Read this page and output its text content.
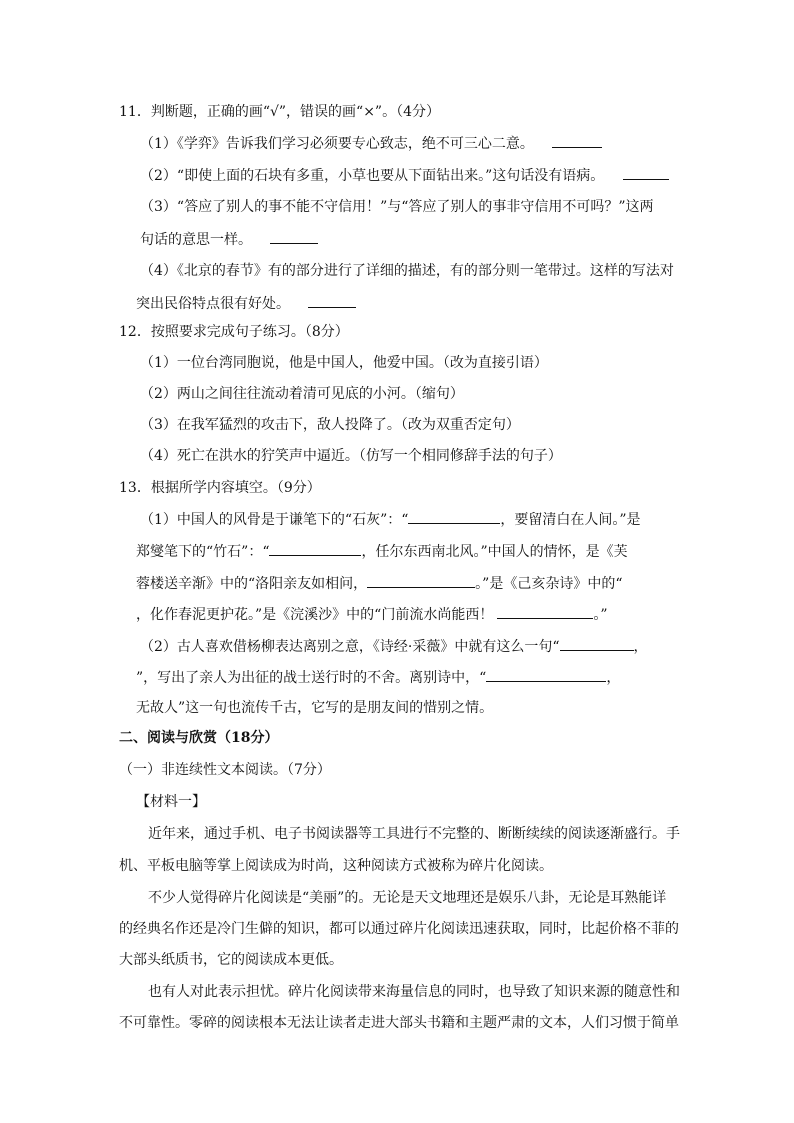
11．判断题，正确的画“√”，错误的画“×”。（4分）
（1）《学弈》告诉我们学习必须要专心致志，绝不可三心二意。
（2）“即使上面的石块有多重，小草也要从下面钻出来。”这句话没有语病。
（3）“答应了别人的事不能不守信用！”与“答应了别人的事非守信用不可吗？”这两
句话的意思一样。
（4）《北京的春节》有的部分进行了详细的描述，有的部分则一笔带过。这样的写法对
突出民俗特点很有好处。
12．按照要求完成句子练习。（8分）
（1）一位台湾同胞说，他是中国人，他爱中国。（改为直接引语）
（2）两山之间往往流动着清可见底的小河。（缩句）
（3）在我军猛烈的攻击下，敌人投降了。（改为双重否定句）
（4）死亡在洪水的狞笑声中逼近。（仿写一个相同修辞手法的句子）
13．根据所学内容填空。（9分）
（1）中国人的风骨是于谦笔下的“石灰”：“	，要留清白在人间。”是
郑燮笔下的“竹石”：“	，任尔东西南北风。”中国人的情怀，是《芙
蓉楼送辛渐》中的“洛阳亲友如相问，	。”是《己亥杂诗》中的“
，化作春泥更护花。”是《浣溪沙》中的“门前流水尚能西！	。”
（2）古人喜欢借杨柳表达离别之意，《诗经·采薇》中就有这么一句“	，
”，写出了亲人为出征的战士送行时的不舍。离别诗中，“	，
无故人”这一句也流传千古，它写的是朋友间的惜别之情。
二、阅读与欣赏（18分）
（一）非连续性文本阅读。（7分）
【材料一】
近年来，通过手机、电子书阅读器等工具进行不完整的、断断续续的阅读逐渐盛行。手
机、平板电脑等掌上阅读成为时尚，这种阅读方式被称为碎片化阅读。
不少人觉得碎片化阅读是“美丽”的。无论是天文地理还是娱乐八卦，无论是耳熟能详
的经典名作还是冷门生僻的知识，都可以通过碎片化阅读迅速获取，同时，比起价格不菲的
大部头纸质书，它的阅读成本更低。
也有人对此表示担忧。碎片化阅读带来海量信息的同时，也导致了知识来源的随意性和
不可靠性。零碎的阅读根本无法让读者走进大部头书籍和主题严肃的文本，人们习惯于简单
